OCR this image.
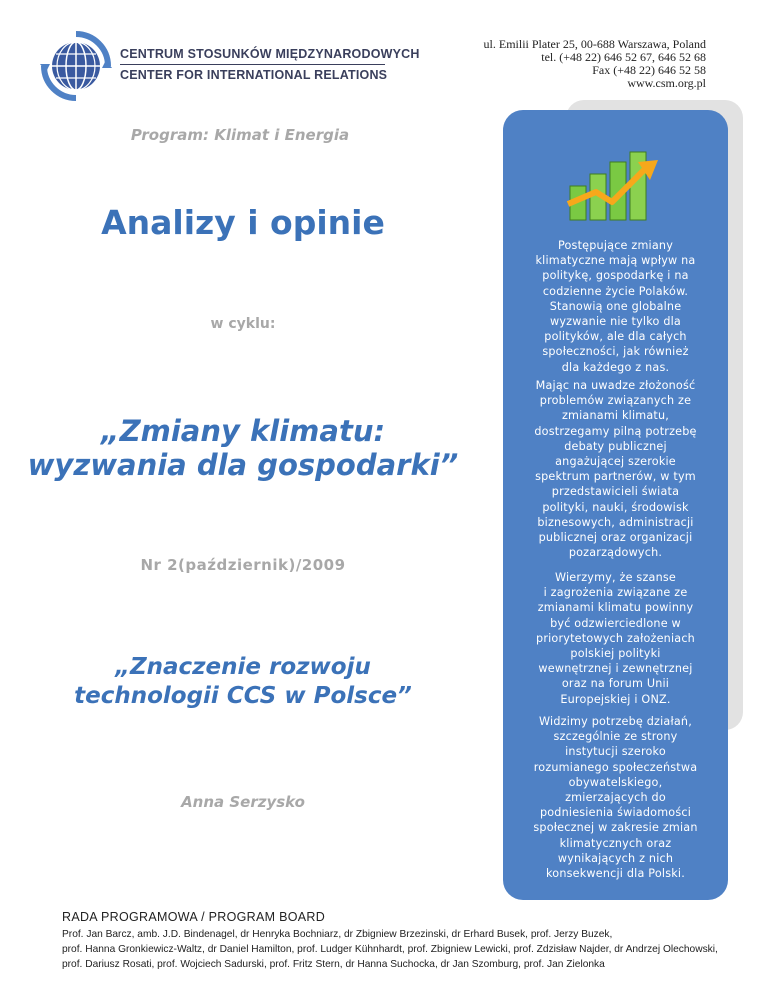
CENTRUM STOSUNKÓW MIĘDZYNARODOWYCH
CENTER FOR INTERNATIONAL RELATIONS
ul. Emilii Plater 25, 00-688 Warszawa, Poland
tel. (+48 22) 646 52 67, 646 52 68
Fax (+48 22) 646 52 58
www.csm.org.pl
Program: Klimat i Energia
Analizy i opinie
w cyklu:
„Zmiany klimatu:
wyzwania dla gospodarki”
Nr 2(październik)/2009
„Znaczenie rozwoju
technologii CCS w Polsce”
Anna Serzysko
Postępujące zmiany
klimatyczne mają wpływ na
politykę, gospodarkę i na
codzienne życie Polaków.
Stanowią one globalne
wyzwanie nie tylko dla
polityków, ale dla całych
społeczności, jak również
dla każdego z nas.
Mając na uwadze złożoność
problemów związanych ze
zmianami klimatu,
dostrzegamy pilną potrzebę
debaty publicznej
angażującej szerokie
spektrum partnerów, w tym
przedstawicieli świata
polityki, nauki, środowisk
biznesowych, administracji
publicznej oraz organizacji
pozarządowych.
Wierzymy, że szanse
i zagrożenia związane ze
zmianami klimatu powinny
być odzwierciedlone w
priorytetowych założeniach
polskiej polityki
wewnętrznej i zewnętrznej
oraz na forum Unii
Europejskiej i ONZ.
Widzimy potrzebę działań,
szczególnie ze strony
instytucji szeroko
rozumianego społeczeństwa
obywatelskiego,
zmierzających do
podniesienia świadomości
społecznej w zakresie zmian
klimatycznych oraz
wynikających z nich
konsekwencji dla Polski.
RADA PROGRAMOWA / PROGRAM BOARD
Prof. Jan Barcz, amb. J.D. Bindenagel, dr Henryka Bochniarz, dr Zbigniew Brzezinski, dr Erhard Busek, prof. Jerzy Buzek,
prof. Hanna Gronkiewicz-Waltz, dr Daniel Hamilton, prof. Ludger Kühnhardt, prof. Zbigniew Lewicki, prof. Zdzisław Najder, dr Andrzej Olechowski,
prof. Dariusz Rosati, prof. Wojciech Sadurski, prof. Fritz Stern, dr Hanna Suchocka, dr Jan Szomburg, prof. Jan Zielonka
